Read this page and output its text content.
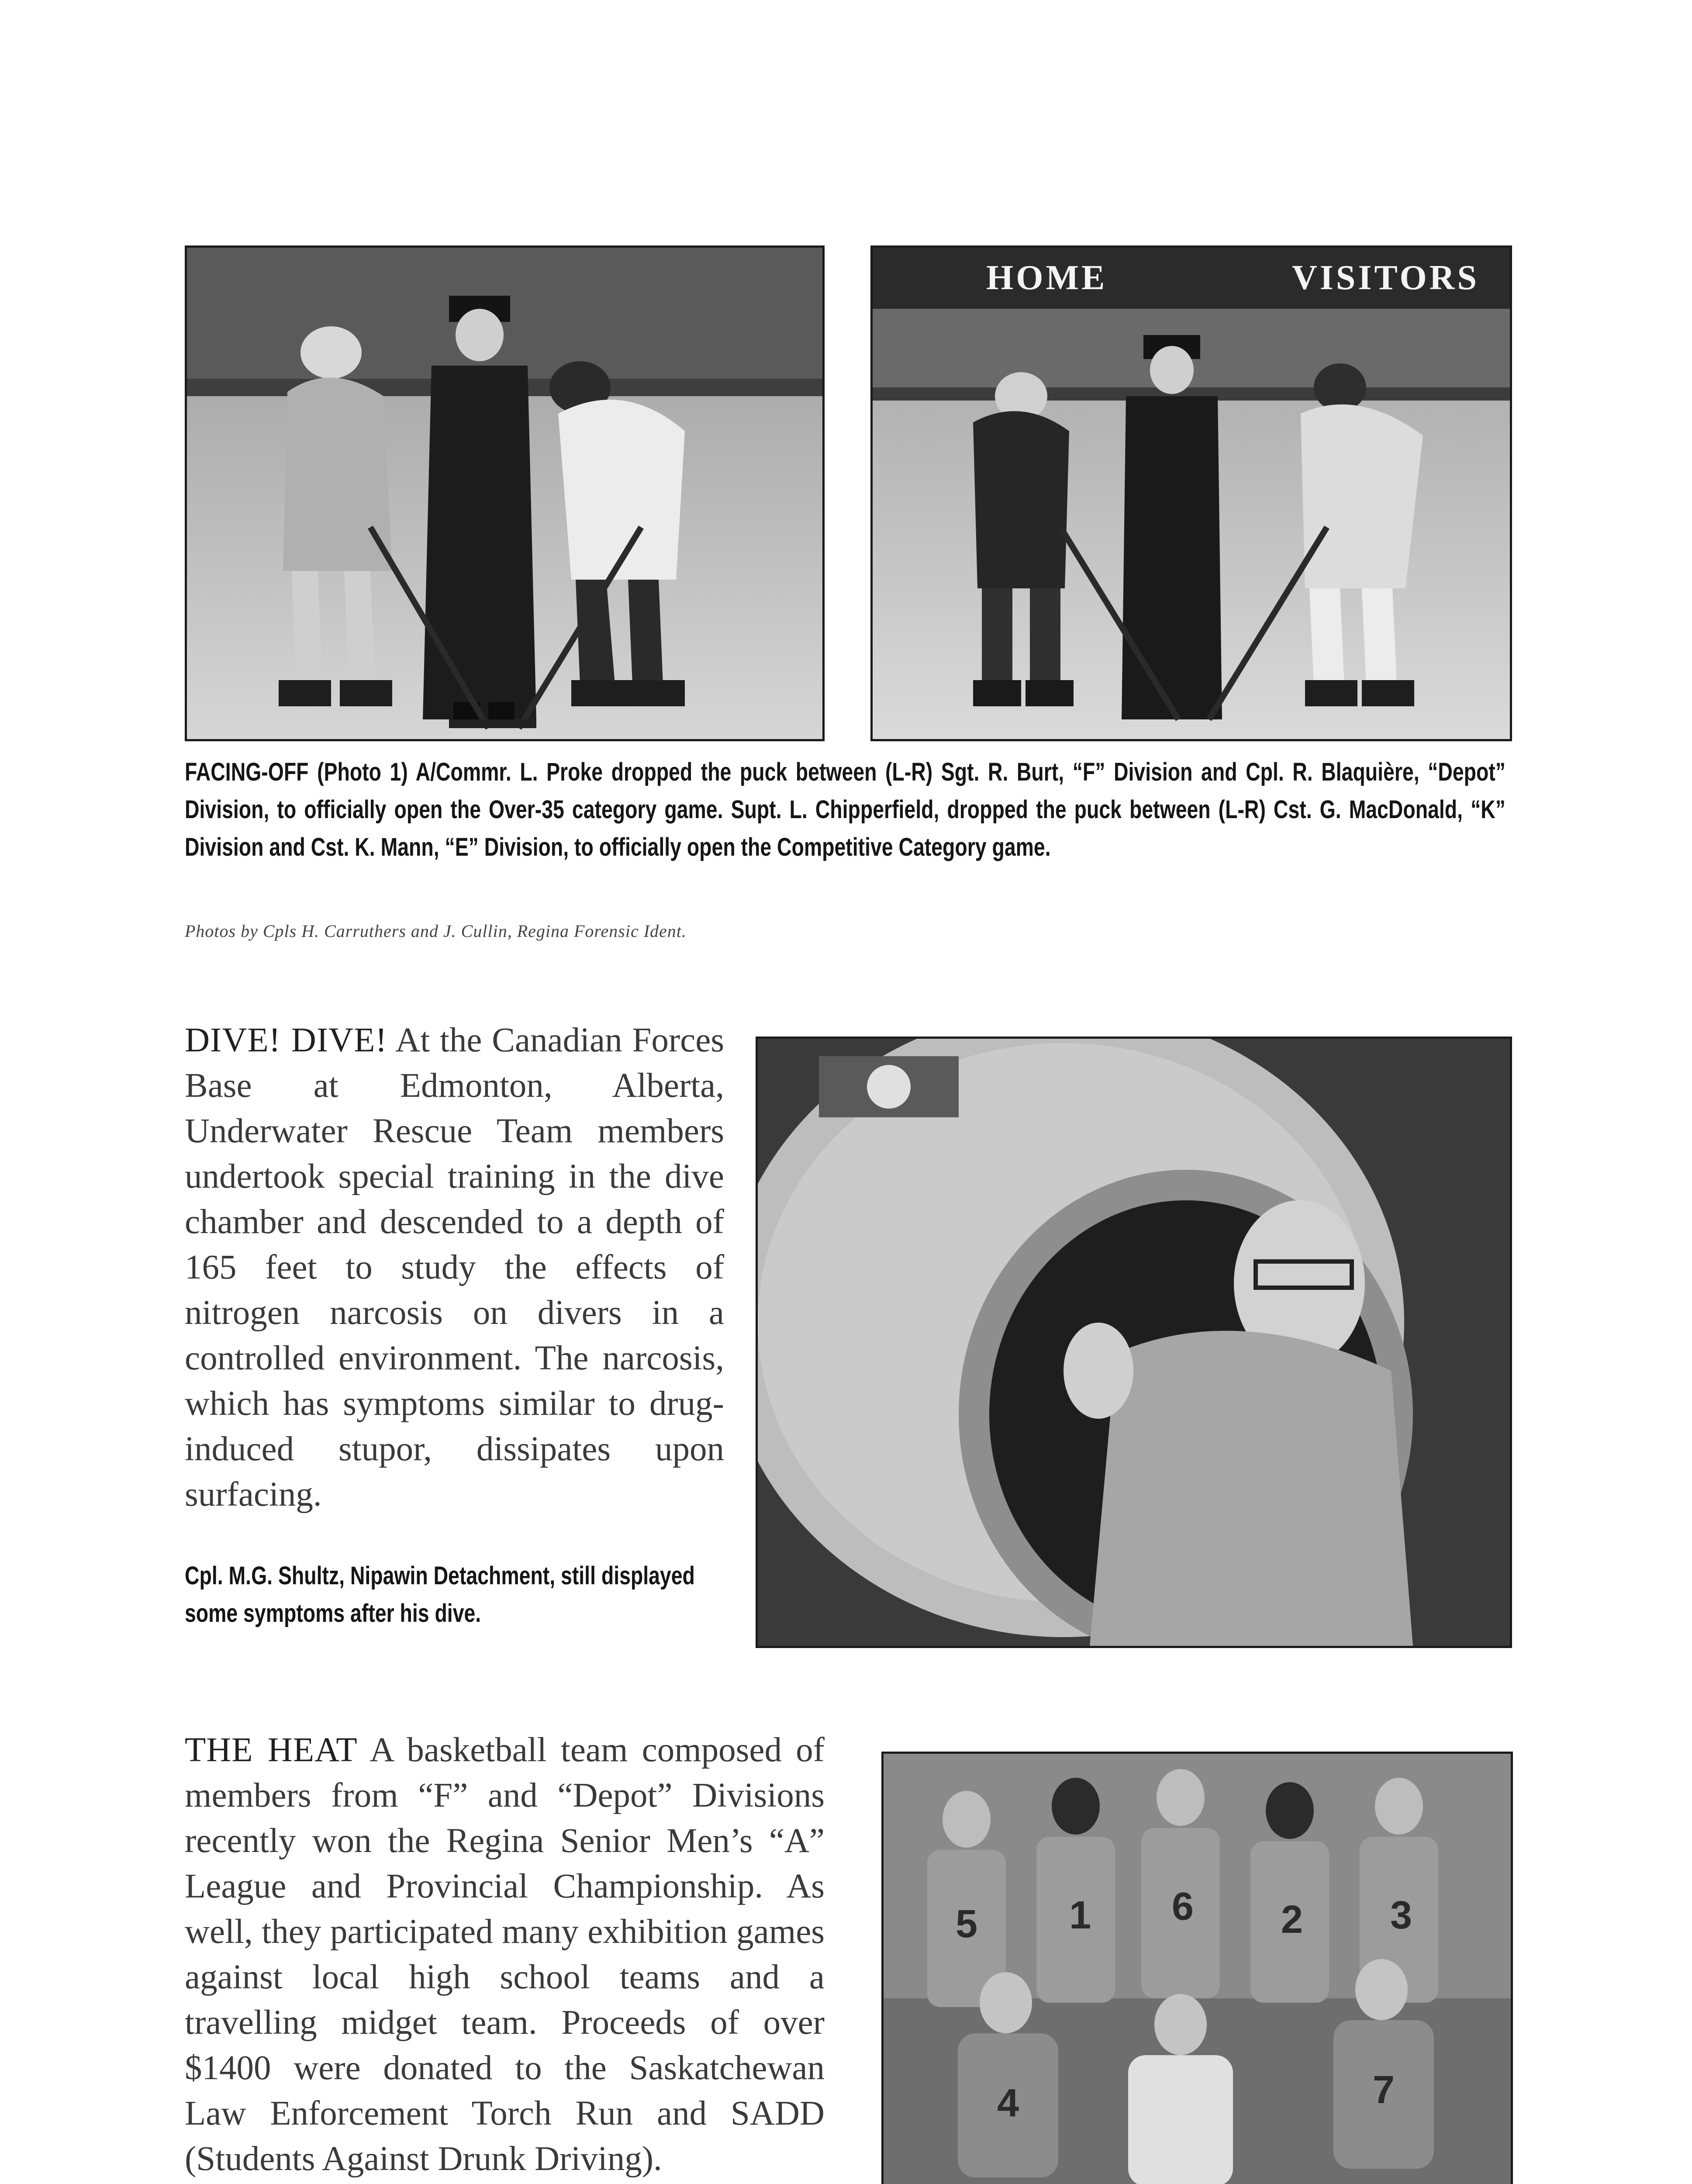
HOME	VISITORS
FACING-OFF (Photo 1) A/Commr. L. Proke dropped the puck between (L-R) Sgt. R. Burt, “F” Division and Cpl. R. Blaquière, “Depot” Division, to officially open the Over-35 category game. Supt. L. Chipperfield, dropped the puck between (L-R) Cst. G. MacDonald, “K” Division and Cst. K. Mann, “E” Division, to officially open the Competitive Category game.
Photos by Cpls H. Carruthers and J. Cullin, Regina Forensic Ident.
DIVE! DIVE! At the Canadian Forces Base at Edmonton, Alberta, Underwater Rescue Team members undertook special training in the dive chamber and descended to a depth of 165 feet to study the effects of nitrogen narcosis on divers in a controlled environment. The narcosis, which has symptoms similar to drug-induced stupor, dissipates upon surfacing.
Cpl. M.G. Shultz, Nipawin Detachment, still displayed some symptoms after his dive.
THE HEAT A basketball team composed of members from “F” and “Depot” Divisions recently won the Regina Senior Men’s “A” League and Provincial Championship. As well, they participated many exhibition games against local high school teams and a travelling midget team. Proceeds of over $1400 were donated to the Saskatchewan Law Enforcement Torch Run and SADD (Students Against Drunk Driving).
5 1 6 2 3
4	7
